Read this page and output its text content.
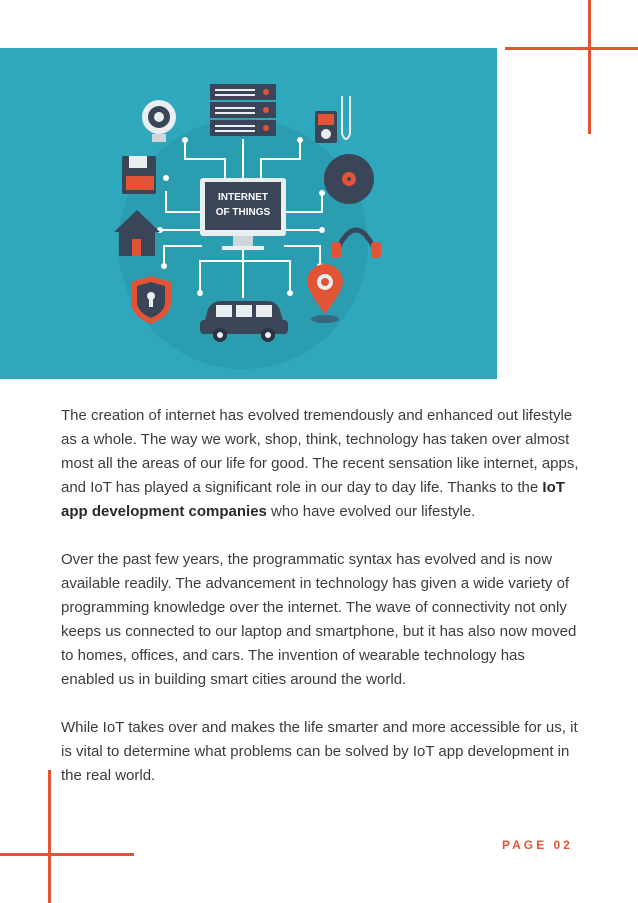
INTERNET
OF THINGS

The creation of internet has evolved tremendously and enhanced out lifestyle as a whole. The way we work, shop, think, technology has taken over almost most all the areas of our life for good. The recent sensation like internet, apps, and IoT has played a significant role in our day to day life. Thanks to the IoT app development companies who have evolved our lifestyle.

Over the past few years, the programmatic syntax has evolved and is now available readily. The advancement in technology has given a wide variety of programming knowledge over the internet. The wave of connectivity not only keeps us connected to our laptop and smartphone, but it has also now moved to homes, offices, and cars. The invention of wearable technology has enabled us in building smart cities around the world.

While IoT takes over and makes the life smarter and more accessible for us, it is vital to determine what problems can be solved by IoT app development in the real world.

PAGE 02
